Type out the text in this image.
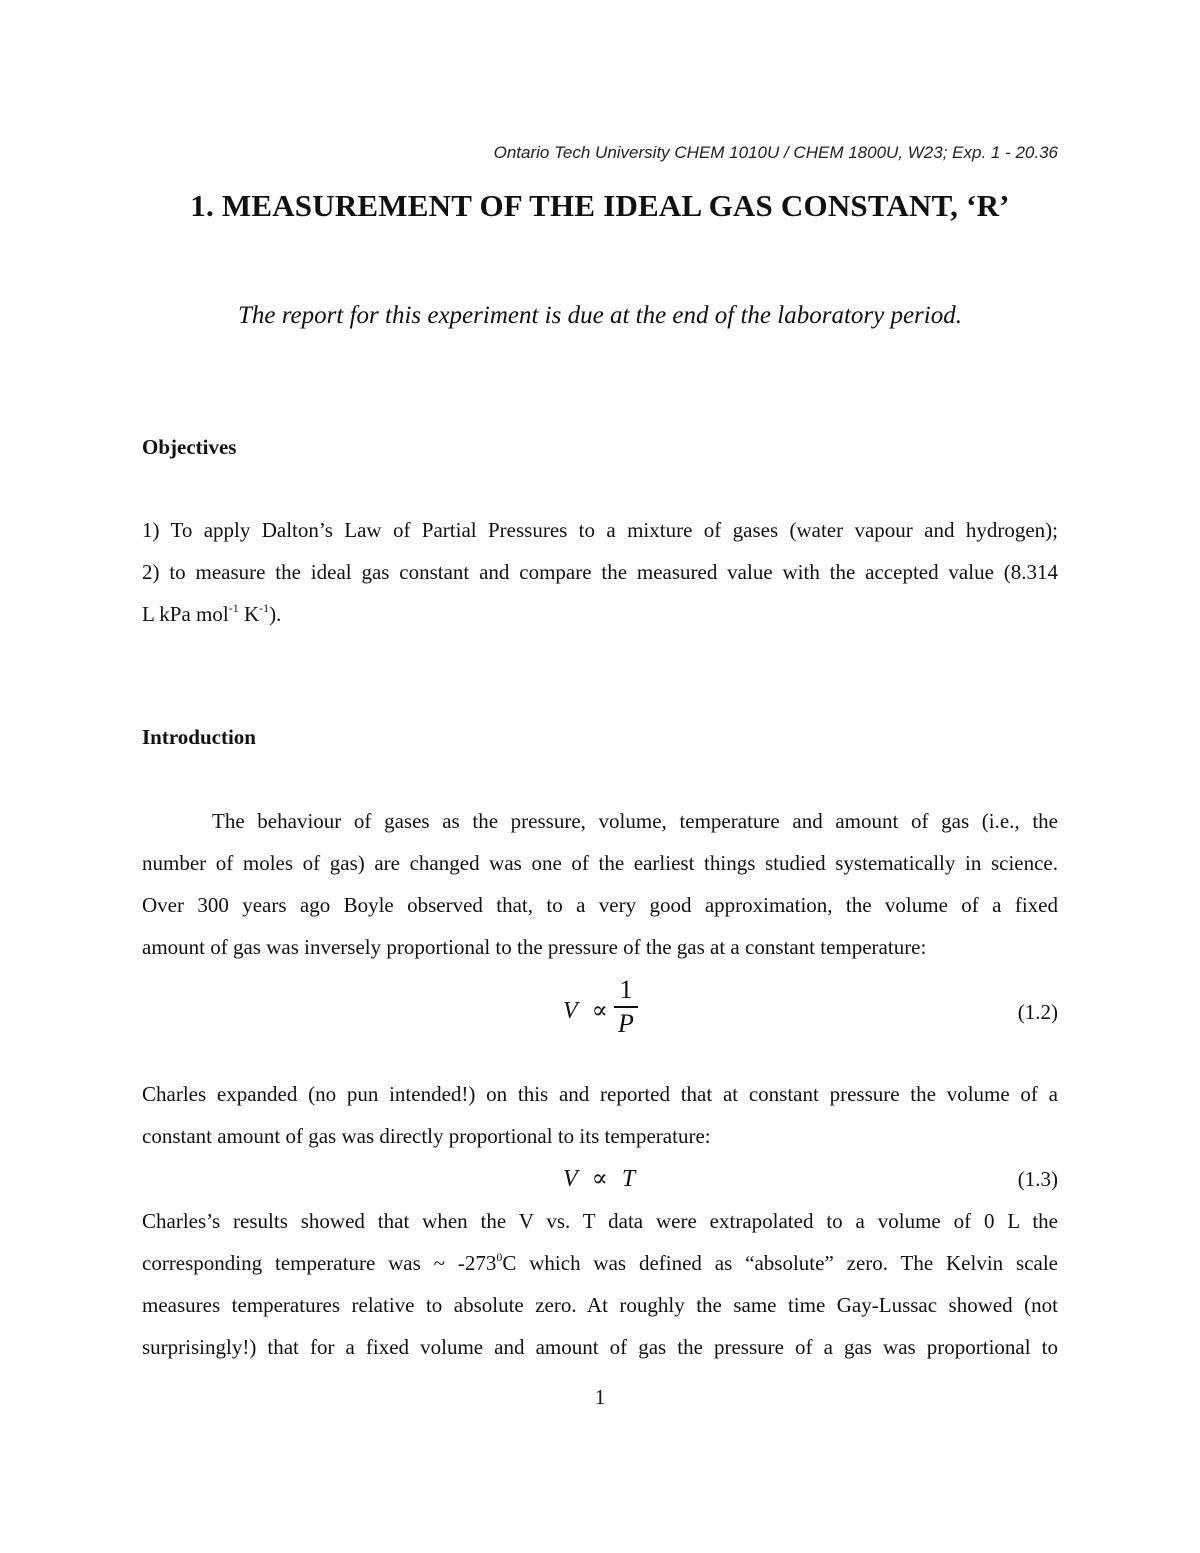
Ontario Tech University CHEM 1010U / CHEM 1800U, W23; Exp. 1 - 20.36
1. MEASUREMENT OF THE IDEAL GAS CONSTANT, ‘R’
The report for this experiment is due at the end of the laboratory period.
Objectives
1) To apply Dalton’s Law of Partial Pressures to a mixture of gases (water vapour and hydrogen);
2) to measure the ideal gas constant and compare the measured value with the accepted value (8.314
L kPa mol$^{-1}$ $K^{-1}$).
Introduction
The behaviour of gases as the pressure, volume, temperature and amount of gas (i.e., the
number of moles of gas) are changed was one of the earliest things studied systematically in science.
Over 300 years ago Boyle observed that, to a very good approximation, the volume of a fixed
amount of gas was inversely proportional to the pressure of the gas at a constant temperature:
V ∝
1
P	(1.2)
Charles expanded (no pun intended!) on this and reported that at constant pressure the volume of a
constant amount of gas was directly proportional to its temperature:
V ∝ T	(1.3)
Charles’s results showed that when the V vs. T data were extrapolated to a volume of 0 L the
corresponding temperature was ~ $-273^0C$ which was defined as “absolute” zero. The Kelvin scale
measures temperatures relative to absolute zero. At roughly the same time Gay-Lussac showed (not
surprisingly!) that for a fixed volume and amount of gas the pressure of a gas was proportional to
1
